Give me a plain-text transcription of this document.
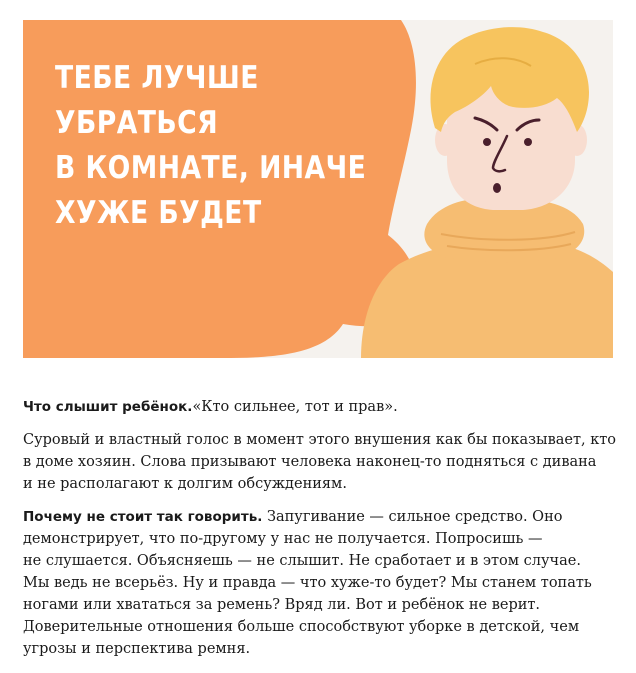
ТЕБЕ ЛУЧШЕ
УБРАТЬСЯ
В КОМНАТЕ, ИНАЧЕ
ХУЖЕ БУДЕТ

Что слышит ребёнок.«Кто сильнее, тот и прав».

Суровый и властный голос в момент этого внушения как бы показывает, кто
в доме хозяин. Слова призывают человека наконец-то подняться с дивана
и не располагают к долгим обсуждениям.

Почему не стоит так говорить. Запугивание — сильное средство. Оно
демонстрирует, что по-другому у нас не получается. Попросишь —
не слушается. Объясняешь — не слышит. Не сработает и в этом случае.
Мы ведь не всерьёз. Ну и правда — что хуже-то будет? Мы станем топать
ногами или хвататься за ремень? Вряд ли. Вот и ребёнок не верит.
Доверительные отношения больше способствуют уборке в детской, чем
угрозы и перспектива ремня.
